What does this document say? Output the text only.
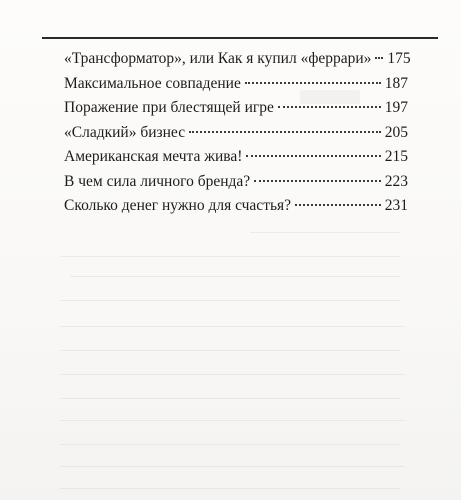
«Трансформатор», или Как я купил «феррари» 175
Максимальное совпадение	187
Поражение при блестящей игре	197
«Сладкий» бизнес	205
Американская мечта жива!	215
В чем сила личного бренда?	223
Сколько денег нужно для счастья?	231
